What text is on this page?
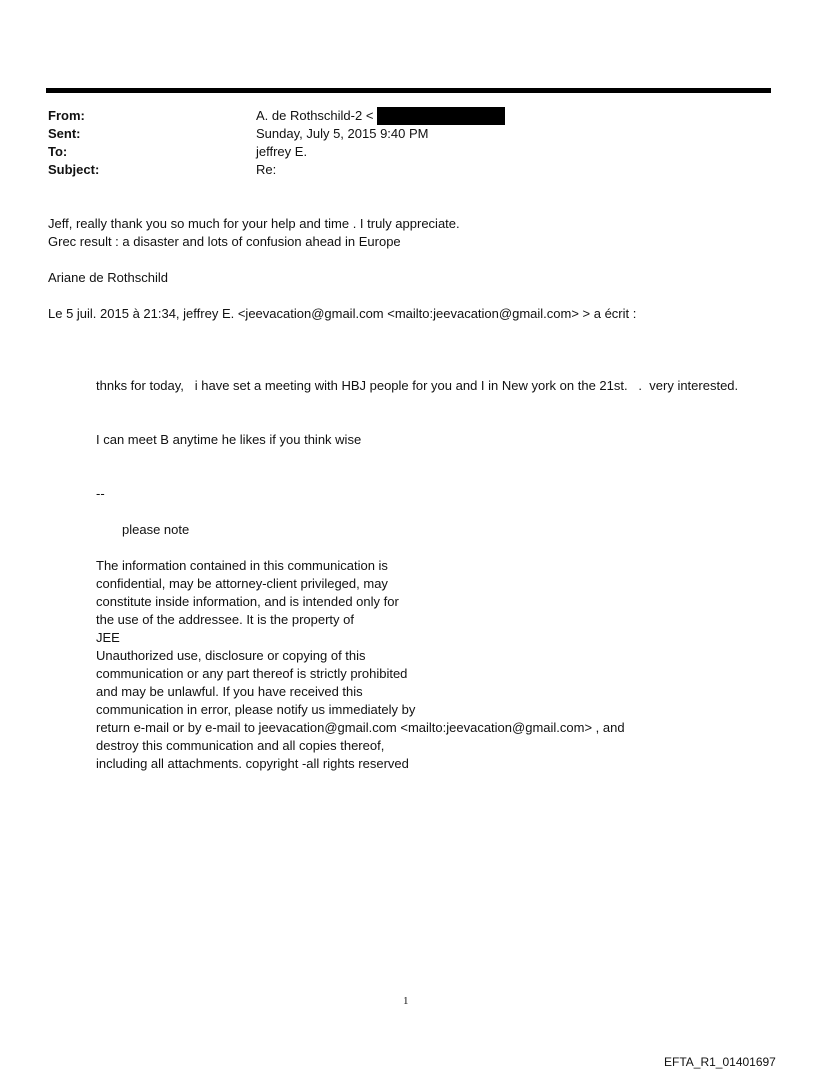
From:	A. de Rothschild-2 <
Sent:	Sunday, July 5, 2015 9:40 PM
To:	jeffrey E.
Subject:	Re:
Jeff, really thank you so much for your help and time . I truly appreciate.
Grec result : a disaster and lots of confusion ahead in Europe
Ariane de Rothschild
Le 5 juil. 2015 à 21:34, jeffrey E. <jeevacation@gmail.com <mailto:jeevacation@gmail.com> > a écrit :
thnks for today,   i have set a meeting with HBJ people for you and I in New york on the 21st.   .  very interested.
I can meet B anytime he likes if you think wise
--
please note
The information contained in this communication is
confidential, may be attorney-client privileged, may
constitute inside information, and is intended only for
the use of the addressee. It is the property of
JEE
Unauthorized use, disclosure or copying of this
communication or any part thereof is strictly prohibited
and may be unlawful. If you have received this
communication in error, please notify us immediately by
return e-mail or by e-mail to jeevacation@gmail.com <mailto:jeevacation@gmail.com> , and
destroy this communication and all copies thereof,
including all attachments. copyright -all rights reserved
1
EFTA_R1_01401697
